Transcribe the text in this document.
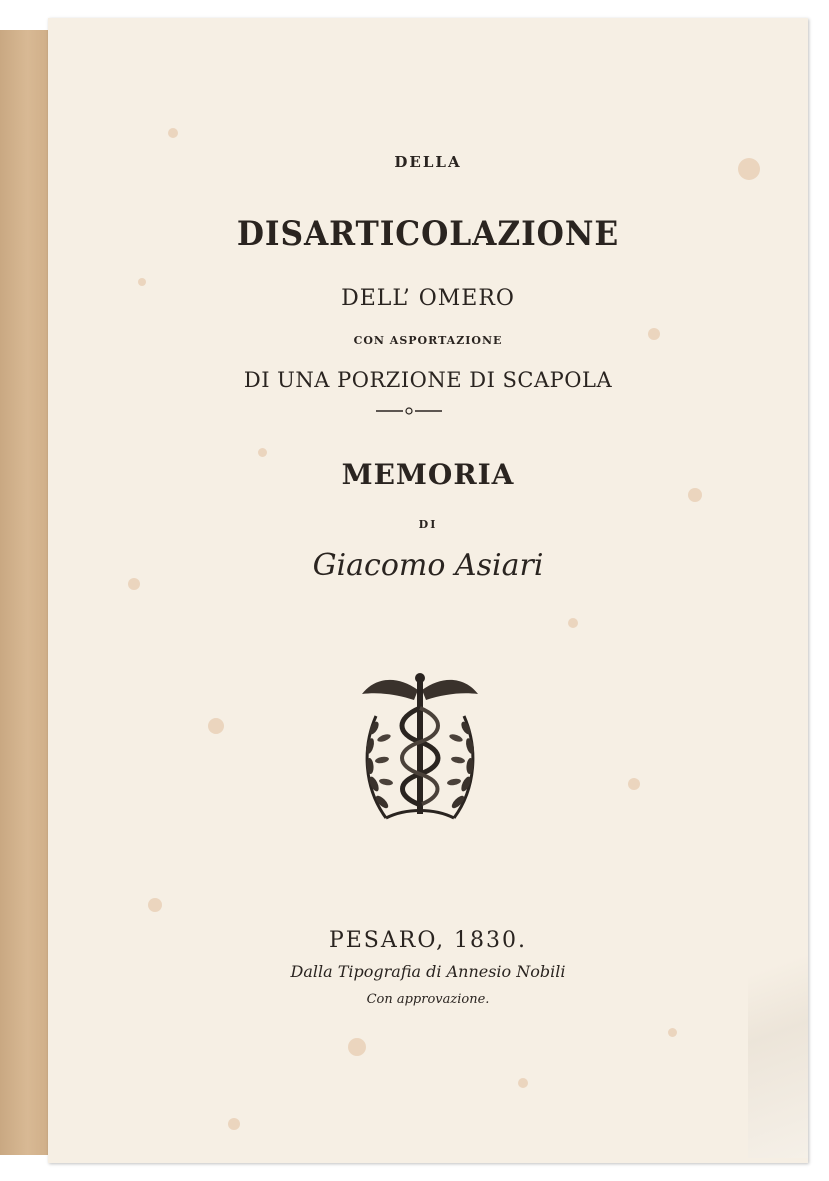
DELLA
DISARTICOLAZIONE
DELL’ OMERO
CON ASPORTAZIONE
DI UNA PORZIONE DI SCAPOLA
MEMORIA
DI
Giacomo Asiari
PESARO, 1830.
Dalla Tipografia di Annesio Nobili
Con approvazione.
